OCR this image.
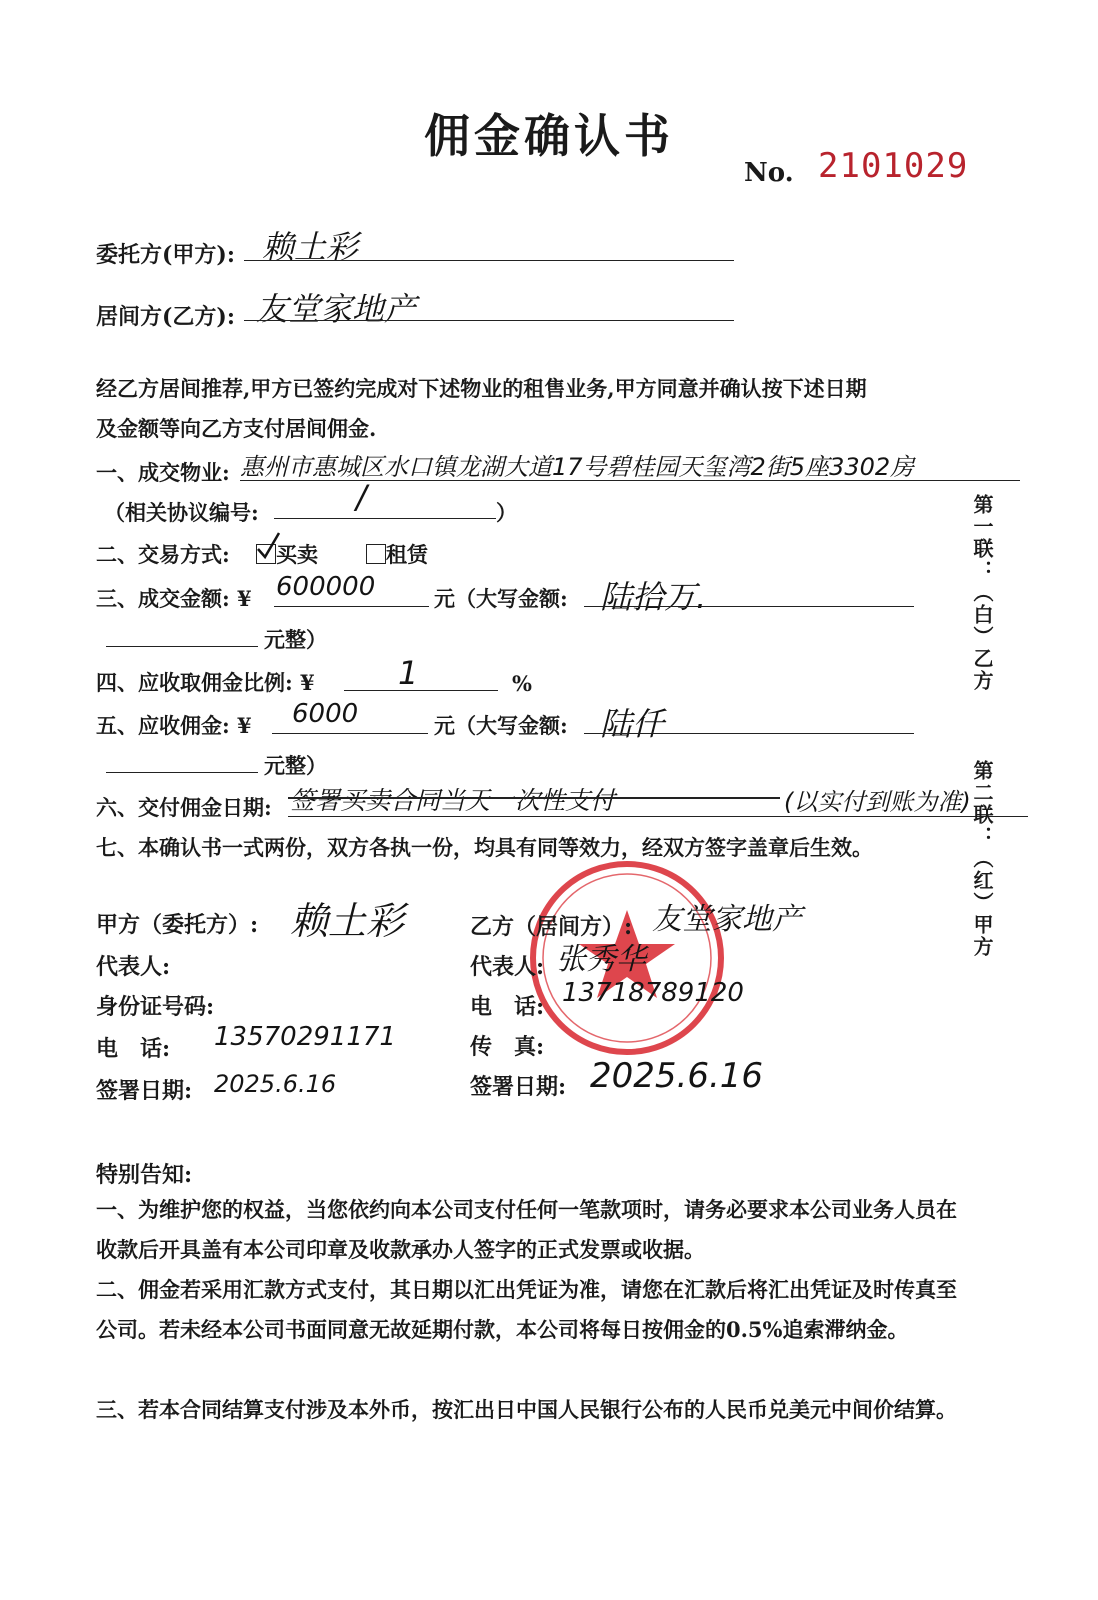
佣金确认书
No. 2101029
委托方(甲方): 赖土彩
居间方(乙方): 友堂家地产
经乙方居间推荐,甲方已签约完成对下述物业的租售业务,甲方同意并确认按下述日期
及金额等向乙方支付居间佣金.
一、成交物业: 惠州市惠城区水口镇龙湖大道17号碧桂园天玺湾2街5座3302房
（相关协议编号:	/	）
二、交易方式:	买卖	租赁
三、成交金额: ¥ 600000	元（大写金额: 陆拾万.
元整）
四、应收取佣金比例: ¥	1	%
五、应收佣金: ¥ 6000	元（大写金额: 陆仟
元整）
六、交付佣金日期: 签署买卖合同当天一次性支付	(以实付到账为准)
七、本确认书一式两份，双方各执一份，均具有同等效力，经双方签字盖章后生效。
第一联：（白）乙方
第二联：（红）甲方
甲方（委托方）: 赖土彩
代表人:
身份证号码:
电　话: 13570291171
签署日期: 2025.6.16
乙方（居间方）: 友堂家地产
代表人: 张秀华
电　话: 13718789120
传　真:
签署日期: 2025.6.16
特别告知:
一、为维护您的权益，当您依约向本公司支付任何一笔款项时，请务必要求本公司业务人员在收款后开具盖有本公司印章及收款承办人签字的正式发票或收据。
二、佣金若采用汇款方式支付，其日期以汇出凭证为准，请您在汇款后将汇出凭证及时传真至公司。若未经本公司书面同意无故延期付款，本公司将每日按佣金的0.5%追索滞纳金。
三、若本合同结算支付涉及本外币，按汇出日中国人民银行公布的人民币兑美元中间价结算。
